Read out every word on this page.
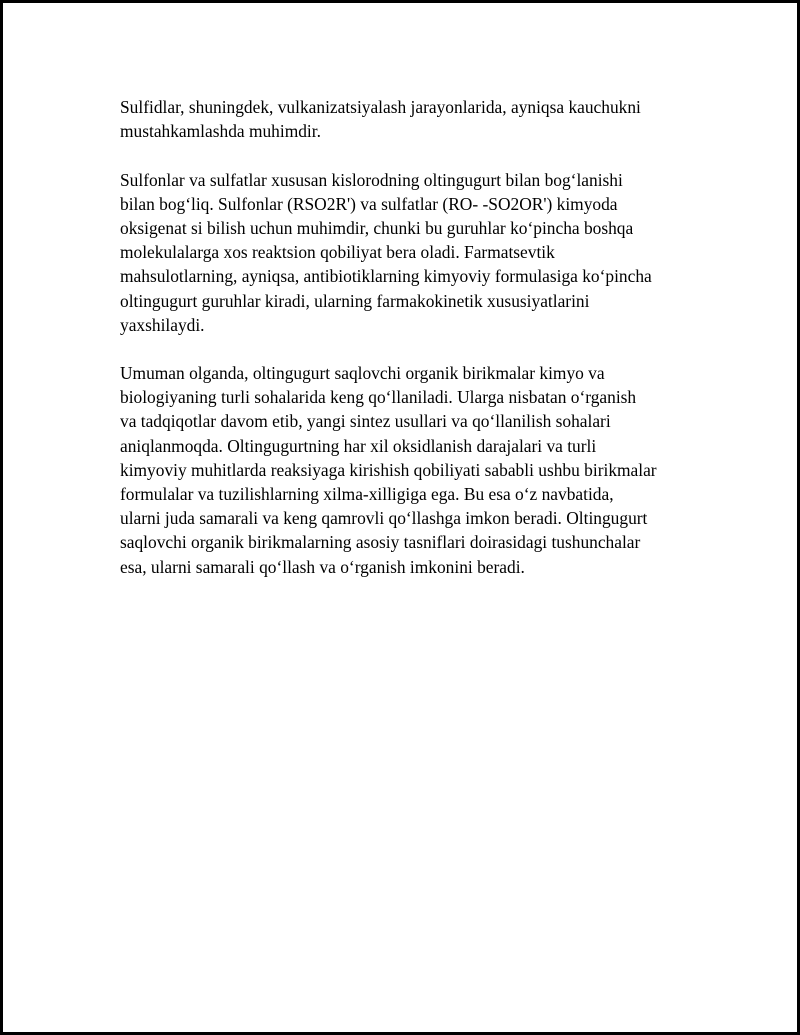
Sulfidlar, shuningdek, vulkanizatsiyalash jarayonlarida, ayniqsa kauchukni
mustahkamlashda muhimdir.

Sulfonlar va sulfatlar xususan kislorodning oltingugurt bilan bog‘lanishi
bilan bog‘liq. Sulfonlar (RSO2R') va sulfatlar (RO- -SO2OR') kimyoda
oksigenat si bilish uchun muhimdir, chunki bu guruhlar ko‘pincha boshqa
molekulalarga xos reaktsion qobiliyat bera oladi. Farmatsevtik
mahsulotlarning, ayniqsa, antibiotiklarning kimyoviy formulasiga ko‘pincha
oltingugurt guruhlar kiradi, ularning farmakokinetik xususiyatlarini
yaxshilaydi.

Umuman olganda, oltingugurt saqlovchi organik birikmalar kimyo va
biologiyaning turli sohalarida keng qo‘llaniladi. Ularga nisbatan o‘rganish
va tadqiqotlar davom etib, yangi sintez usullari va qo‘llanilish sohalari
aniqlanmoqda. Oltingugurtning har xil oksidlanish darajalari va turli
kimyoviy muhitlarda reaksiyaga kirishish qobiliyati sababli ushbu birikmalar
formulalar va tuzilishlarning xilma-xilligiga ega. Bu esa o‘z navbatida,
ularni juda samarali va keng qamrovli qo‘llashga imkon beradi. Oltingugurt
saqlovchi organik birikmalarning asosiy tasniflari doirasidagi tushunchalar
esa, ularni samarali qo‘llash va o‘rganish imkonini beradi.
